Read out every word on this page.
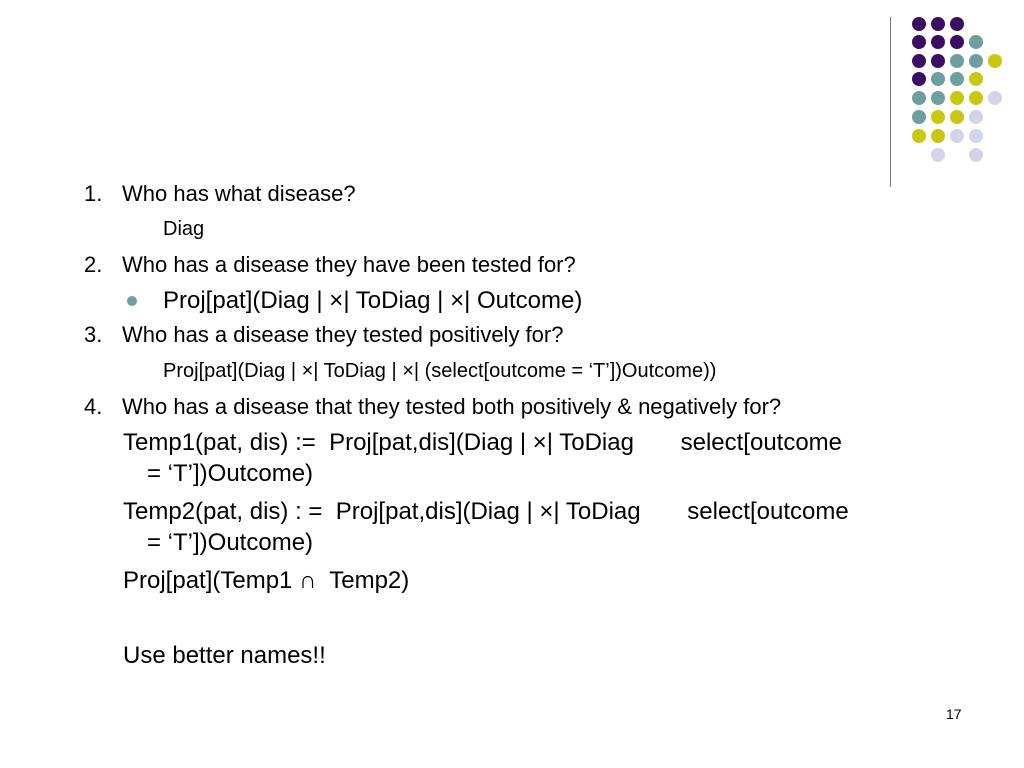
1. Who has what disease?
Diag
2. Who has a disease they have been tested for?
Proj[pat](Diag | ×| ToDiag | ×| Outcome)
3. Who has a disease they tested positively for?
Proj[pat](Diag | ×| ToDiag | ×| (select[outcome = ‘T’])Outcome))
4. Who has a disease that they tested both positively & negatively for?
Temp1(pat, dis) :=  Proj[pat,dis](Diag | ×| ToDiag       select[outcome
= ‘T’])Outcome)
Temp2(pat, dis) : =  Proj[pat,dis](Diag | ×| ToDiag       select[outcome
= ‘T’])Outcome)
Proj[pat](Temp1 ∩  Temp2)
Use better names!!
17
